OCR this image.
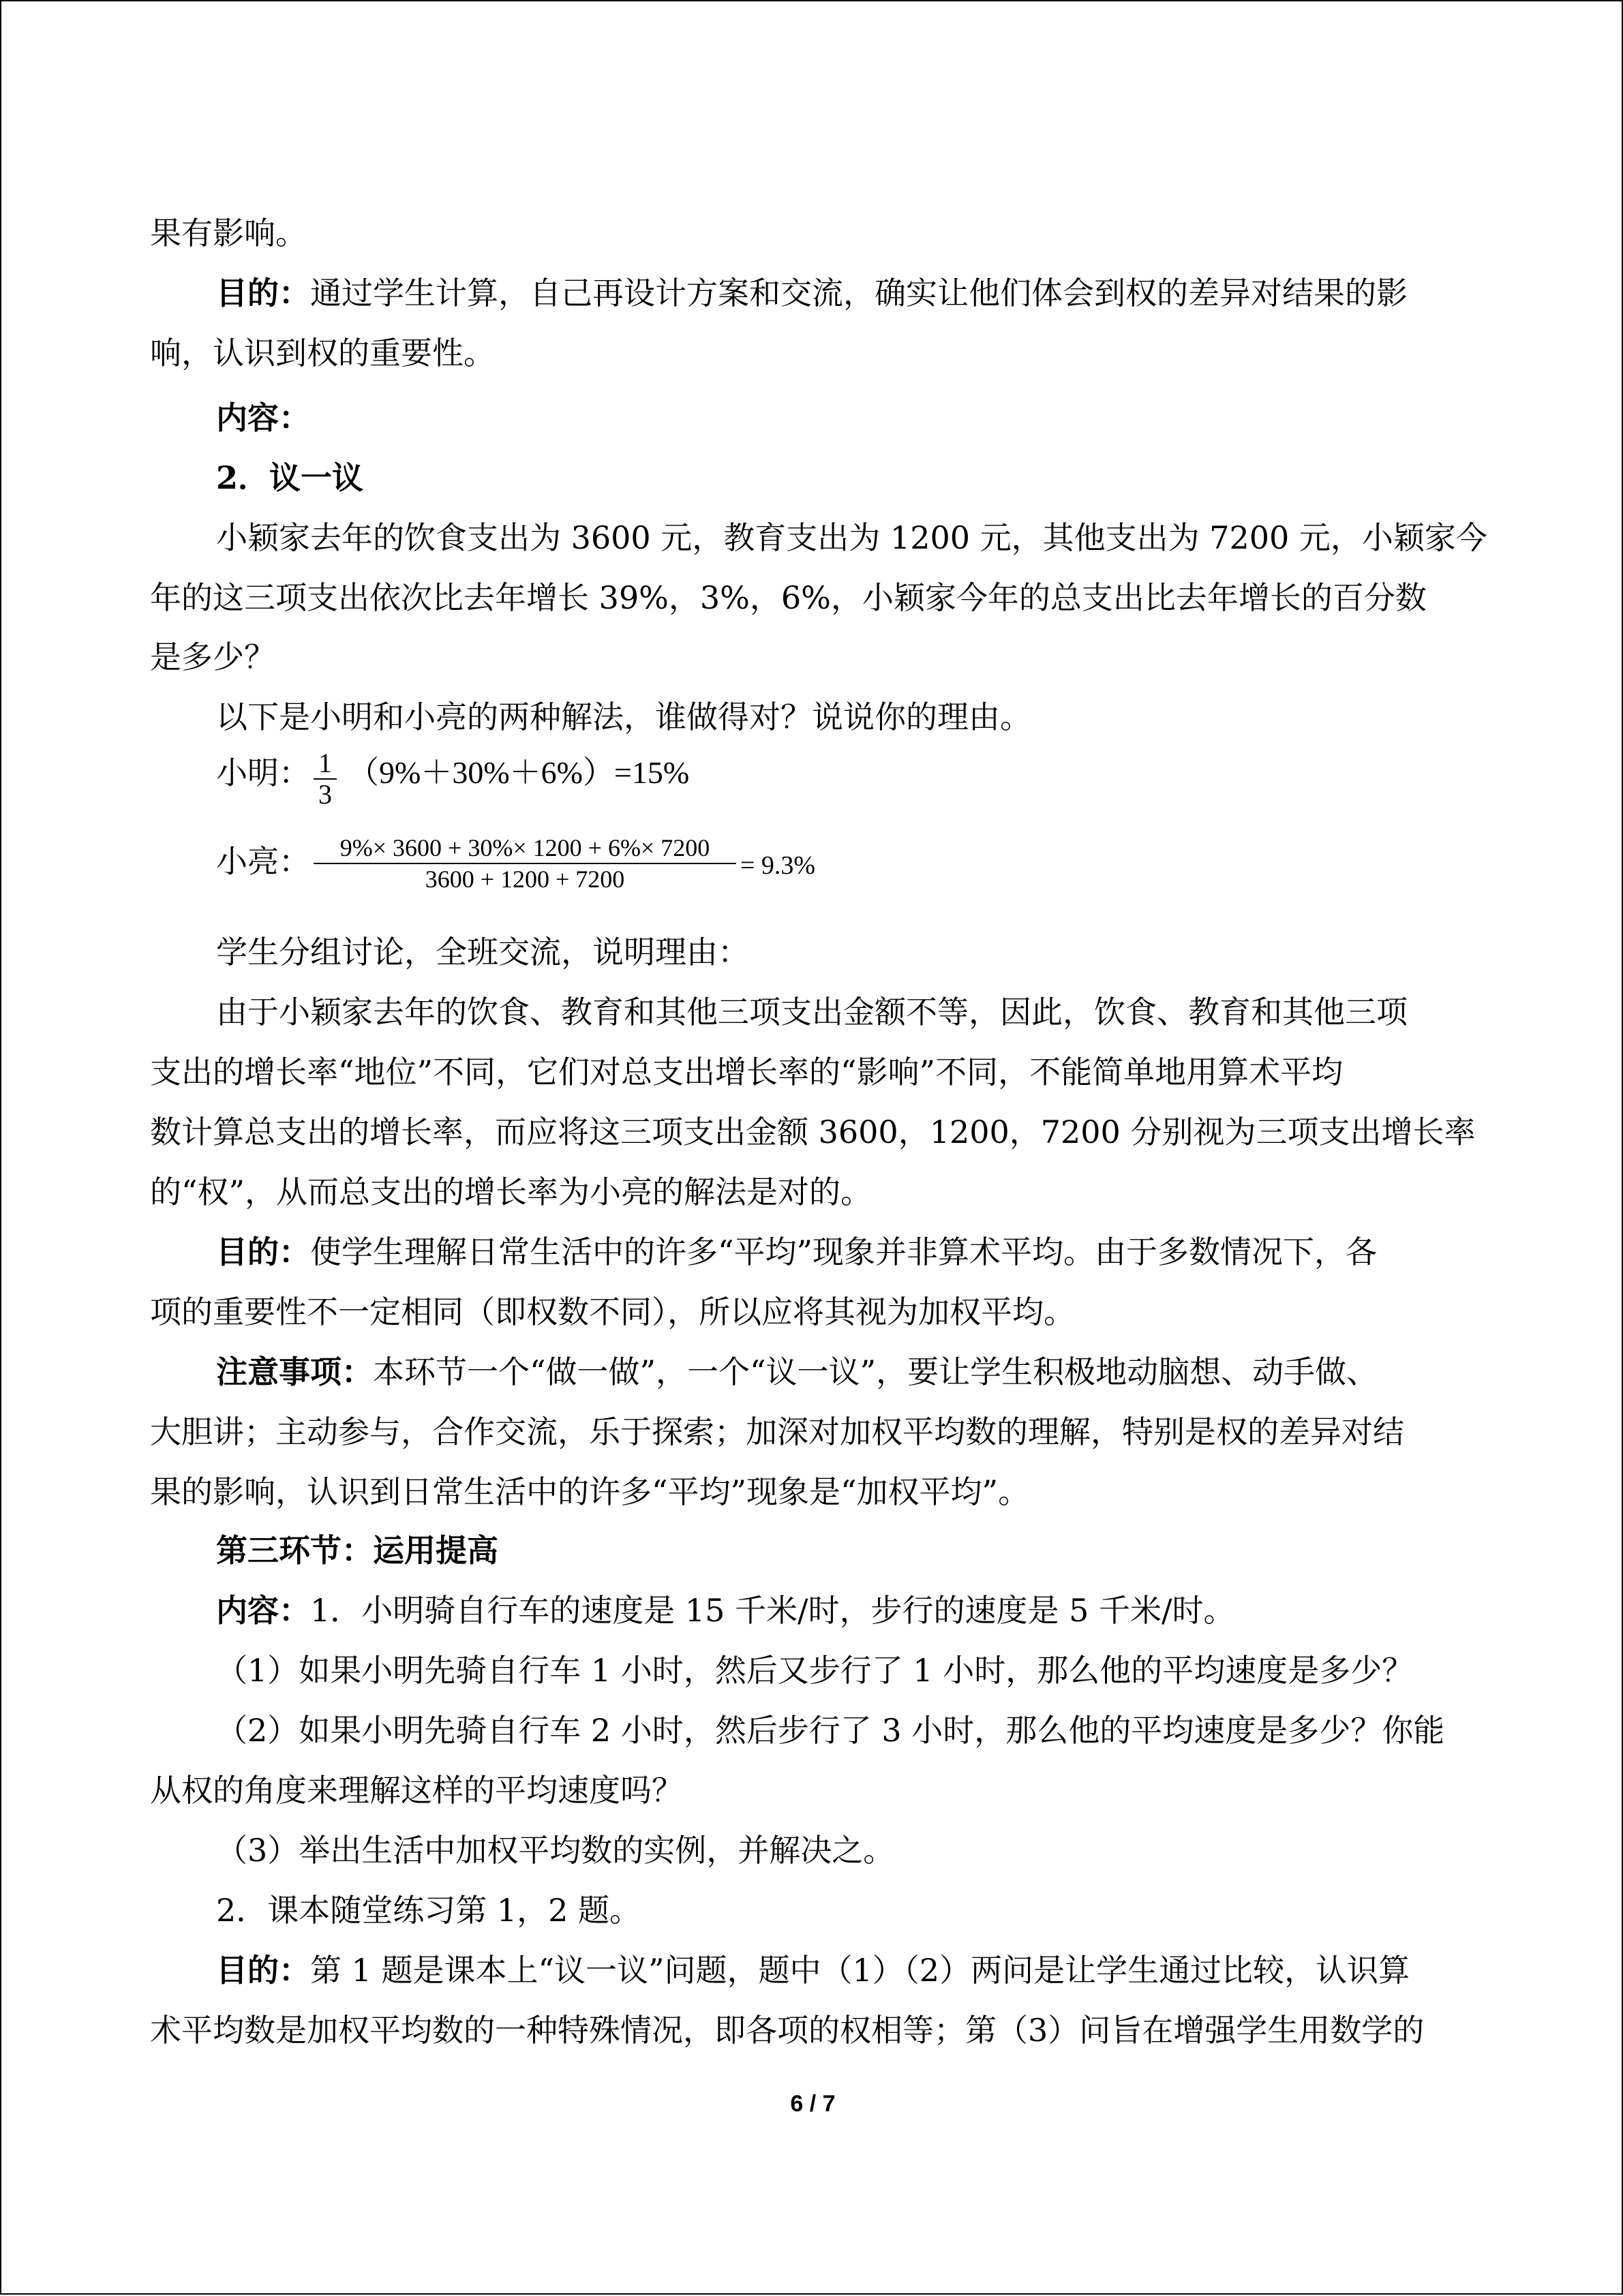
果有影响。
目的：通过学生计算，自己再设计方案和交流，确实让他们体会到权的差异对结果的影
响，认识到权的重要性。
内容：
2．议一议
小颖家去年的饮食支出为 3600 元，教育支出为 1200 元，其他支出为 7200 元，小颖家今
年的这三项支出依次比去年增长 39%，3%，6%，小颖家今年的总支出比去年增长的百分数
是多少？
以下是小明和小亮的两种解法，谁做得对？说说你的理由。
小明： 1
3
（9%＋30%＋6%）=15%
小亮：	9%× 3600 + 30%× 1200 + 6%× 7200
3600 + 1200 + 7200	= 9.3%
学生分组讨论，全班交流，说明理由：
由于小颖家去年的饮食、教育和其他三项支出金额不等，因此，饮食、教育和其他三项
支出的增长率“地位”不同，它们对总支出增长率的“影响”不同，不能简单地用算术平均
数计算总支出的增长率，而应将这三项支出金额 3600，1200，7200 分别视为三项支出增长率
的“权”，从而总支出的增长率为小亮的解法是对的。
目的：使学生理解日常生活中的许多“平均”现象并非算术平均。由于多数情况下，各
项的重要性不一定相同（即权数不同），所以应将其视为加权平均。
注意事项：本环节一个“做一做”，一个“议一议”，要让学生积极地动脑想、动手做、
大胆讲；主动参与，合作交流，乐于探索；加深对加权平均数的理解，特别是权的差异对结
果的影响，认识到日常生活中的许多“平均”现象是“加权平均”。
第三环节：运用提高
内容：1．小明骑自行车的速度是 15 千米/时，步行的速度是 5 千米/时。
（1）如果小明先骑自行车 1 小时，然后又步行了 1 小时，那么他的平均速度是多少？
（2）如果小明先骑自行车 2 小时，然后步行了 3 小时，那么他的平均速度是多少？你能
从权的角度来理解这样的平均速度吗？
（3）举出生活中加权平均数的实例，并解决之。
2．课本随堂练习第 1，2 题。
目的：第 1 题是课本上“议一议”问题，题中（1）（2）两问是让学生通过比较，认识算
术平均数是加权平均数的一种特殊情况，即各项的权相等；第（3）问旨在增强学生用数学的
6 / 7
